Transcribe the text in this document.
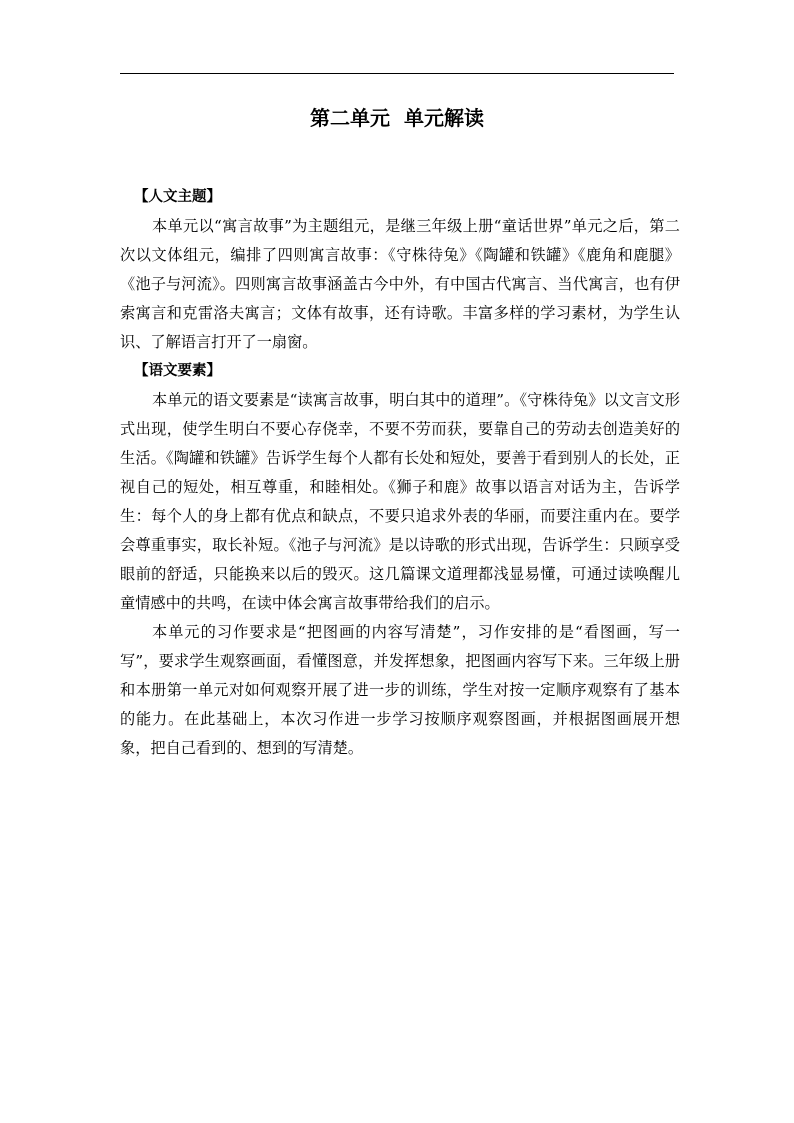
第二单元  单元解读
【人文主题】

本单元以“寓言故事”为主题组元，是继三年级上册“童话世界”单元之后，第二次以文体组元，编排了四则寓言故事：《守株待兔》《陶罐和铁罐》《鹿角和鹿腿》《池子与河流》。四则寓言故事涵盖古今中外，有中国古代寓言、当代寓言，也有伊索寓言和克雷洛夫寓言；文体有故事，还有诗歌。丰富多样的学习素材，为学生认识、了解语言打开了一扇窗。

【语文要素】

本单元的语文要素是“读寓言故事，明白其中的道理”。《守株待兔》以文言文形式出现，使学生明白不要心存侥幸，不要不劳而获，要靠自己的劳动去创造美好的生活。《陶罐和铁罐》告诉学生每个人都有长处和短处，要善于看到别人的长处，正视自己的短处，相互尊重，和睦相处。《狮子和鹿》故事以语言对话为主，告诉学生：每个人的身上都有优点和缺点，不要只追求外表的华丽，而要注重内在。要学会尊重事实，取长补短。《池子与河流》是以诗歌的形式出现，告诉学生：只顾享受眼前的舒适，只能换来以后的毁灭。这几篇课文道理都浅显易懂，可通过读唤醒儿童情感中的共鸣，在读中体会寓言故事带给我们的启示。

本单元的习作要求是“把图画的内容写清楚”，习作安排的是“看图画，写一写”，要求学生观察画面，看懂图意，并发挥想象，把图画内容写下来。三年级上册和本册第一单元对如何观察开展了进一步的训练，学生对按一定顺序观察有了基本的能力。在此基础上，本次习作进一步学习按顺序观察图画，并根据图画展开想象，把自己看到的、想到的写清楚。
